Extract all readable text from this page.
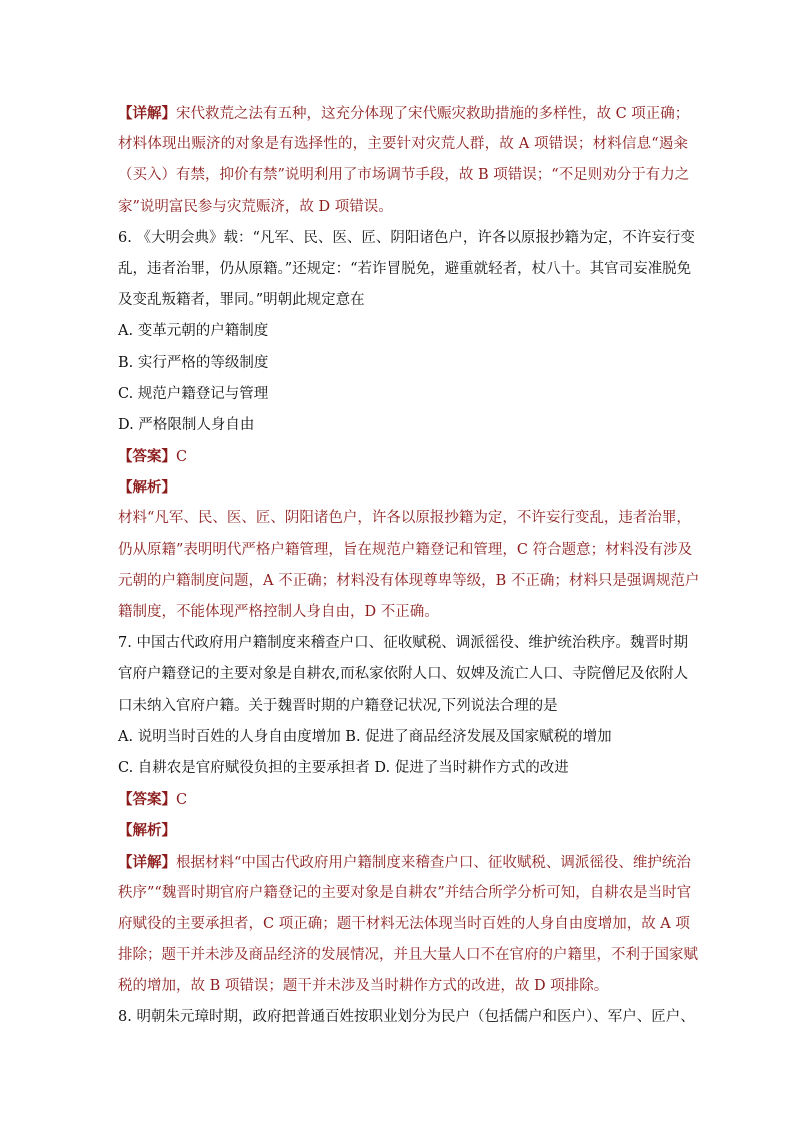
【详解】宋代救荒之法有五种，这充分体现了宋代赈灾救助措施的多样性，故 C 项正确；
材料体现出赈济的对象是有选择性的，主要针对灾荒人群，故 A 项错误；材料信息“遏籴
（买入）有禁，抑价有禁”说明利用了市场调节手段，故 B 项错误；“不足则劝分于有力之
家”说明富民参与灾荒赈济，故 D 项错误。
6. 《大明会典》载：“凡军、民、医、匠、阴阳诸色户，许各以原报抄籍为定，不许妄行变
乱，违者治罪，仍从原籍。”还规定：“若诈冒脱免，避重就轻者，杖八十。其官司妄准脱免
及变乱叛籍者，罪同。”明朝此规定意在
A. 变革元朝的户籍制度
B. 实行严格的等级制度
C. 规范户籍登记与管理
D. 严格限制人身自由
【答案】C
【解析】
材料“凡军、民、医、匠、阴阳诸色户，许各以原报抄籍为定，不许妄行变乱，违者治罪，
仍从原籍”表明明代严格户籍管理，旨在规范户籍登记和管理，C 符合题意；材料没有涉及
元朝的户籍制度问题，A 不正确；材料没有体现尊卑等级，B 不正确；材料只是强调规范户
籍制度，不能体现严格控制人身自由，D 不正确。
7. 中国古代政府用户籍制度来稽查户口、征收赋税、调派徭役、维护统治秩序。魏晋时期
官府户籍登记的主要对象是自耕农,而私家依附人口、奴婢及流亡人口、寺院僧尼及依附人
口未纳入官府户籍。关于魏晋时期的户籍登记状况,下列说法合理的是
A. 说明当时百姓的人身自由度增加 B. 促进了商品经济发展及国家赋税的增加
C. 自耕农是官府赋役负担的主要承担者 D. 促进了当时耕作方式的改进
【答案】C
【解析】
【详解】根据材料“中国古代政府用户籍制度来稽查户口、征收赋税、调派徭役、维护统治
秩序”“魏晋时期官府户籍登记的主要对象是自耕农”并结合所学分析可知，自耕农是当时官
府赋役的主要承担者，C 项正确；题干材料无法体现当时百姓的人身自由度增加，故 A 项
排除；题干并未涉及商品经济的发展情况，并且大量人口不在官府的户籍里，不利于国家赋
税的增加，故 B 项错误；题干并未涉及当时耕作方式的改进，故 D 项排除。
8. 明朝朱元璋时期，政府把普通百姓按职业划分为民户（包括儒户和医户）、军户、匠户、
